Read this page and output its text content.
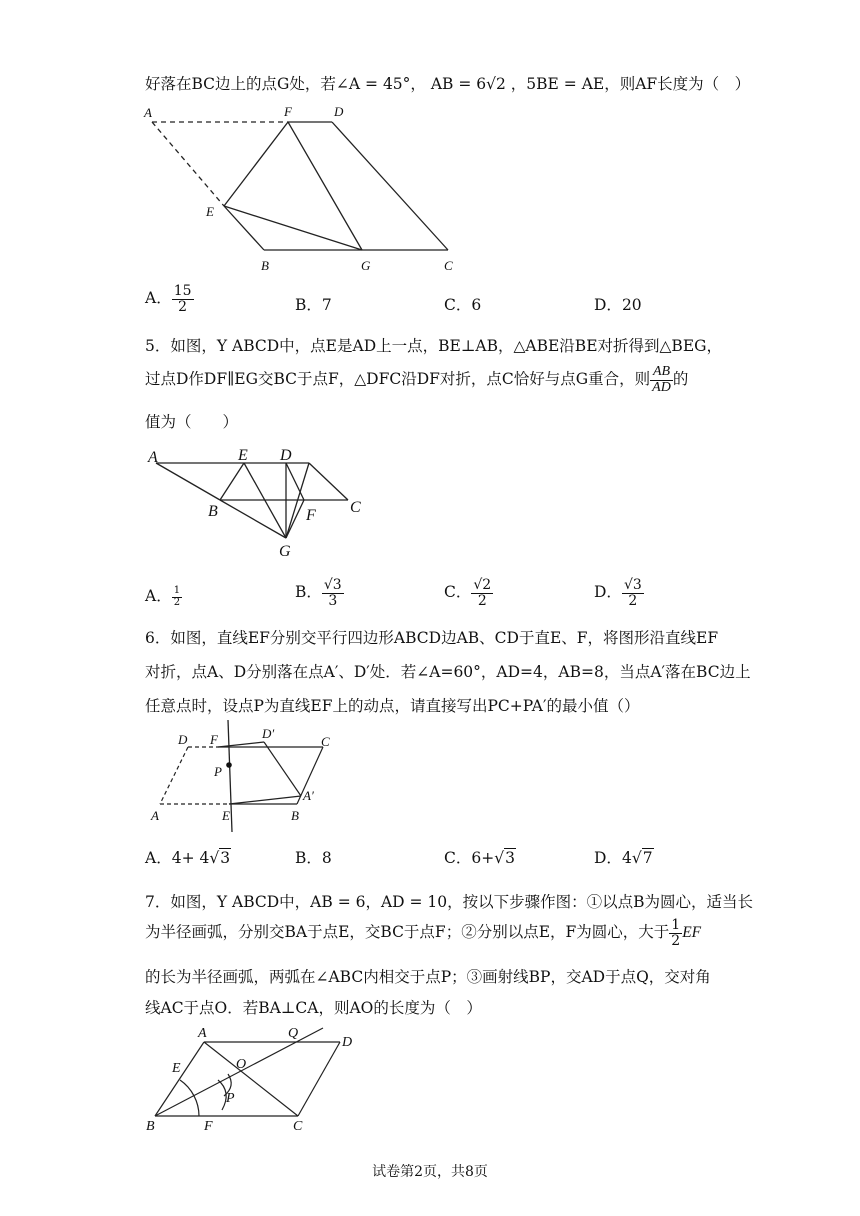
好落在BC边上的点G处，若∠A = 45°， AB = 6√2 ，5BE = AE，则AF长度为（　）
A	F	D
E
B	G	C
A． $\frac{15}{2}$	B．7	C．6	D．20
5．如图，Y ABCD中，点E是AD上一点，BE⊥AB，△ABE沿BE对折得到△BEG，
过点D作DF∥EG交BC于点F，△DFC沿DF对折，点C恰好与点G重合，则 $\frac{AB}{AD}$ 的
值为（　　）
A	E D
B	F C
G
A． $\frac{1}{2}$	B． $\frac{√3}{3}$	C． $\frac{√2}{2}$	D． $\frac{√3}{2}$
6．如图，直线EF分别交平行四边形ABCD边AB、CD于直E、F，将图形沿直线EF
对折，点A、D分别落在点A′、D′处．若∠A=60°，AD=4，AB=8，当点A′落在BC边上
任意点时，设点P为直线EF上的动点，请直接写出PC+PA′的最小值（）
D F	D′
C
P
A′
A	E	B
A．4+ 4√3	B．8	C．6+√3	D．4√7
7．如图，Y ABCD中，AB = 6，AD = 10，按以下步骤作图：①以点B为圆心，适当长
为半径画弧，分别交BA于点E，交BC于点F；②分别以点E，F为圆心，大于 $\frac{1}{2}$ EF
的长为半径画弧，两弧在∠ABC内相交于点P；③画射线BP，交AD于点Q，交对角
线AC于点O．若BA⊥CA，则AO的长度为（　）
A	Q
D
E	O
P
B	F	C
试卷第2页，共8页
